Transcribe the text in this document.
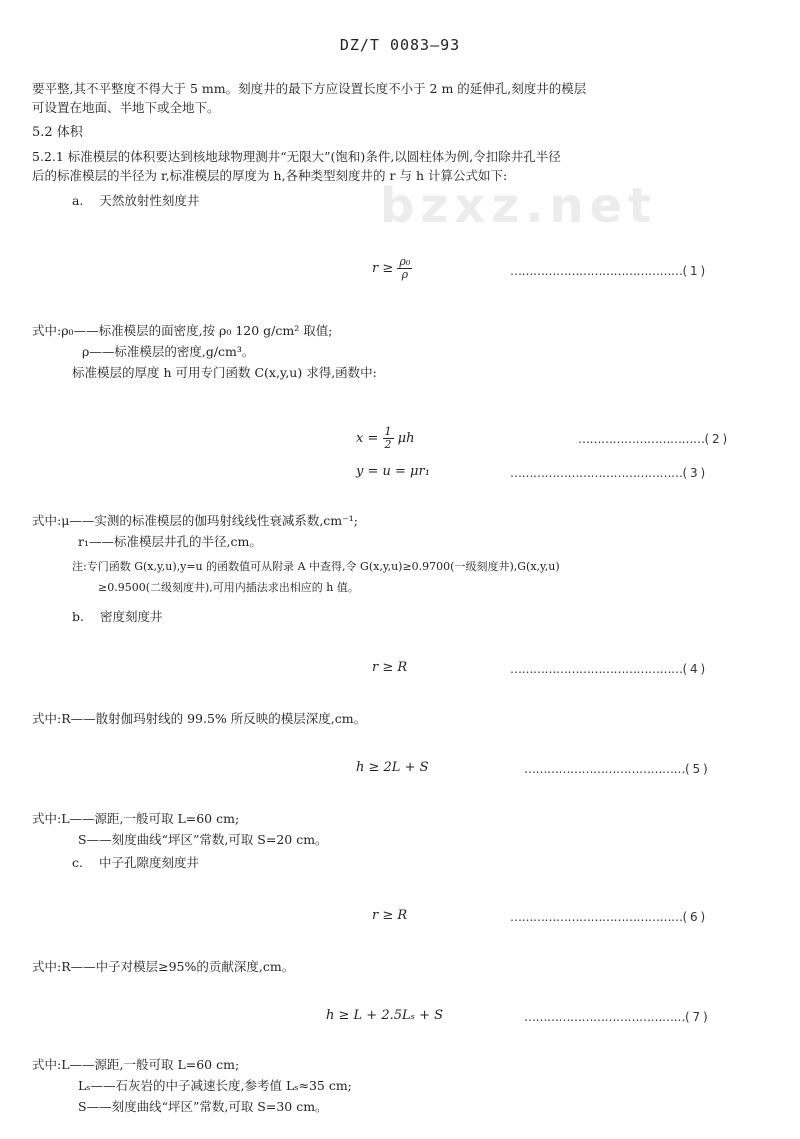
bzxz.net
DZ/T 0083—93
要平整,其不平整度不得大于 5 mm。刻度井的最下方应设置长度不小于 2 m 的延伸孔,刻度井的模层
可设置在地面、半地下或全地下。
5.2 体积
5.2.1 标准模层的体积要达到核地球物理测井“无限大”(饱和)条件,以圆柱体为例,令扣除井孔半径
后的标准模层的半径为 r,标准模层的厚度为 h,各种类型刻度井的 r 与 h 计算公式如下:
a. 天然放射性刻度井
$r \ge \frac{\text{ρ₀}}{\rho}$	………………………………………( 1 )
式中:ρ₀——标准模层的面密度,按 ρ₀ 120 g/cm² 取值;
ρ——标准模层的密度,g/cm³。
标准模层的厚度 h 可用专门函数 C(x,y,u) 求得,函数中:
$x = \frac{1}{2}$ μh	……………………………( 2 )
y = u = μr₁	………………………………………( 3 )
式中:μ——实测的标准模层的伽玛射线线性衰减系数,cm⁻¹;
r₁——标准模层井孔的半径,cm。
注:专门函数 G(x,y,u),y=u 的函数值可从附录 A 中查得,令 G(x,y,u)≥0.9700(一级刻度井),G(x,y,u)
≥0.9500(二级刻度井),可用内插法求出相应的 h 值。
b. 密度刻度井
r ≥ R	………………………………………( 4 )
式中:R——散射伽玛射线的 99.5% 所反映的模层深度,cm。
h ≥ 2L + S	……………………………………( 5 )
式中:L——源距,一般可取 L=60 cm;
S——刻度曲线“坪区”常数,可取 S=20 cm。
c. 中子孔隙度刻度井
r ≥ R	………………………………………( 6 )
式中:R——中子对模层≥95%的贡献深度,cm。
h ≥ L + 2.5Lₛ + S	……………………………………( 7 )
式中:L——源距,一般可取 L=60 cm;
Lₛ——石灰岩的中子减速长度,参考值 Lₛ≈35 cm;
S——刻度曲线“坪区”常数,可取 S=30 cm。
